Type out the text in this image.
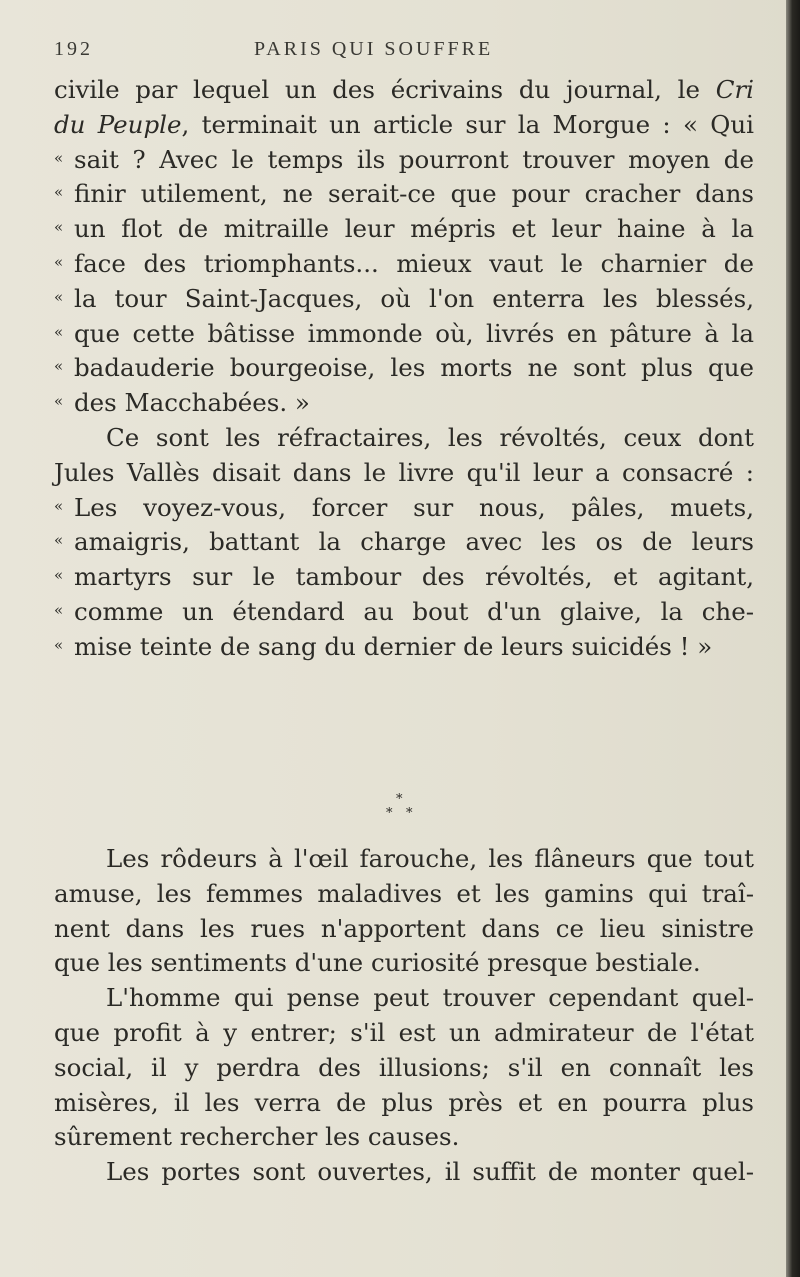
192	PARIS QUI SOUFFRE
civile par lequel un des écrivains du journal, le Cri
du Peuple, terminait un article sur la Morgue : « Qui
« sait ? Avec le temps ils pourront trouver moyen de
« finir utilement, ne serait-ce que pour cracher dans
« un flot de mitraille leur mépris et leur haine à la
« face des triomphants... mieux vaut le charnier de
« la tour Saint-Jacques, où l'on enterra les blessés,
« que cette bâtisse immonde où, livrés en pâture à la
« badauderie bourgeoise, les morts ne sont plus que
« des Macchabées. »
Ce sont les réfractaires, les révoltés, ceux dont
Jules Vallès disait dans le livre qu'il leur a consacré :
« Les voyez-vous, forcer sur nous, pâles, muets,
« amaigris, battant la charge avec les os de leurs
« martyrs sur le tambour des révoltés, et agitant,
« comme un étendard au bout d'un glaive, la che-
« mise teinte de sang du dernier de leurs suicidés ! »
*
* *
Les rôdeurs à l'œil farouche, les flâneurs que tout
amuse, les femmes maladives et les gamins qui traî-
nent dans les rues n'apportent dans ce lieu sinistre
que les sentiments d'une curiosité presque bestiale.
L'homme qui pense peut trouver cependant quel-
que profit à y entrer; s'il est un admirateur de l'état
social, il y perdra des illusions; s'il en connaît les
misères, il les verra de plus près et en pourra plus
sûrement rechercher les causes.
Les portes sont ouvertes, il suffit de monter quel-
